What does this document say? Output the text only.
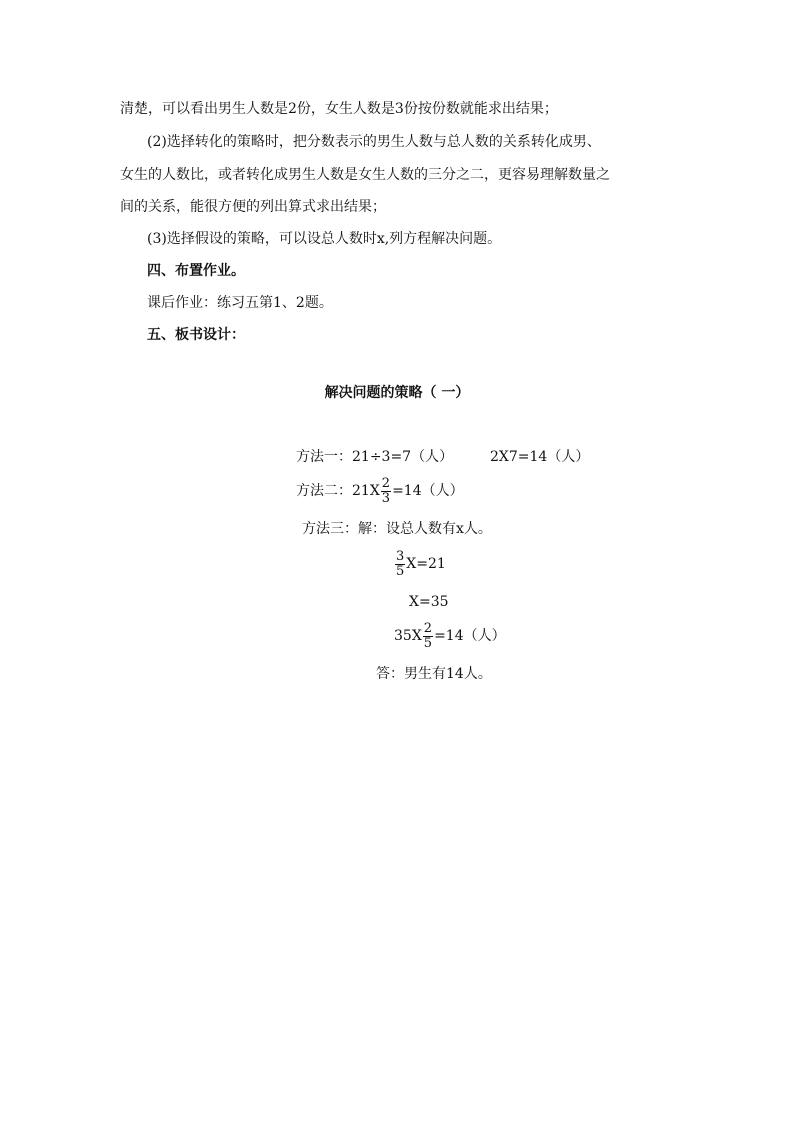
清楚，可以看出男生人数是2份，女生人数是3份按份数就能求出结果；
(2)选择转化的策略时，把分数表示的男生人数与总人数的关系转化成男、
女生的人数比，或者转化成男生人数是女生人数的三分之二，更容易理解数量之
间的关系，能很方便的列出算式求出结果；
(3)选择假设的策略，可以设总人数时x,列方程解决问题。
四、布置作业。
课后作业：练习五第1、2题。
五、板书设计：
解决问题的策略（ 一）
方法一：21÷3=7（人）	2X7=14（人）
方法二：$21X \frac{2}{3} =14$（人）
方法三：解：设总人数有x人。
$\frac{3}{5} X=21$
X=35
$35X \frac{2}{5} =14$（人）
答：男生有14人。
